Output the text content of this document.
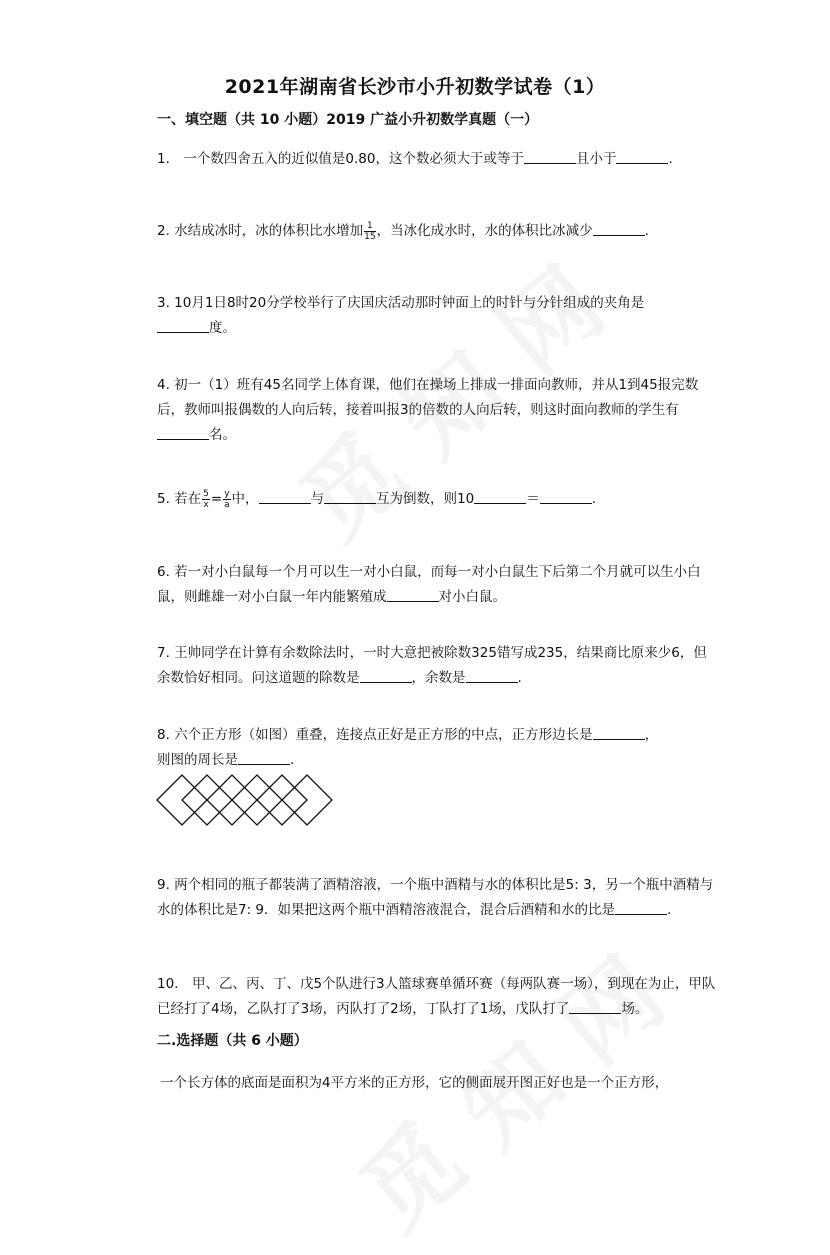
2021年湖南省长沙市小升初数学试卷（1）
一、填空题（共 10 小题）2019 广益小升初数学真题（一）
1.　一个数四舍五入的近似值是0.80，这个数必须大于或等于	且小于	.
2. 水结成冰时，冰的体积比水增加 $\frac{1}{15}$ ，当冰化成水时，水的体积比冰减少	.
3. 10月1日8时20分学校举行了庆国庆活动那时钟面上的时针与分针组成的夹角是
度。
4. 初一（1）班有45名同学上体育课，他们在操场上排成一排面向教师，并从1到45报完数后，教师叫报偶数的人向后转，接着叫报3的倍数的人向后转，则这时面向教师的学生有名。
5. 若在 $\frac{5}{x} = \frac{y}{a}$ 中，	与	互为倒数，则10	＝	.
6. 若一对小白鼠每一个月可以生一对小白鼠，而每一对小白鼠生下后第二个月就可以生小白鼠，则雌雄一对小白鼠一年内能繁殖成	对小白鼠。
7. 王帅同学在计算有余数除法时，一时大意把被除数325错写成235，结果商比原来少6，但余数恰好相同。问这道题的除数是	，余数是	.
8. 六个正方形（如图）重叠，连接点正好是正方形的中点，正方形边长是	，
则图的周长是	.
9. 两个相同的瓶子都装满了酒精溶液，一个瓶中酒精与水的体积比是5: 3，另一个瓶中酒精与水的体积比是7: 9．如果把这两个瓶中酒精溶液混合，混合后酒精和水的比是	.
10.　甲、乙、丙、丁、戊5个队进行3人篮球赛单循环赛（每两队赛一场），到现在为止，甲队已经打了4场，乙队打了3场，丙队打了2场，丁队打了1场，戊队打了	场。
二.选择题（共 6 小题）
一个长方体的底面是面积为4平方米的正方形，它的侧面展开图正好也是一个正方形，
